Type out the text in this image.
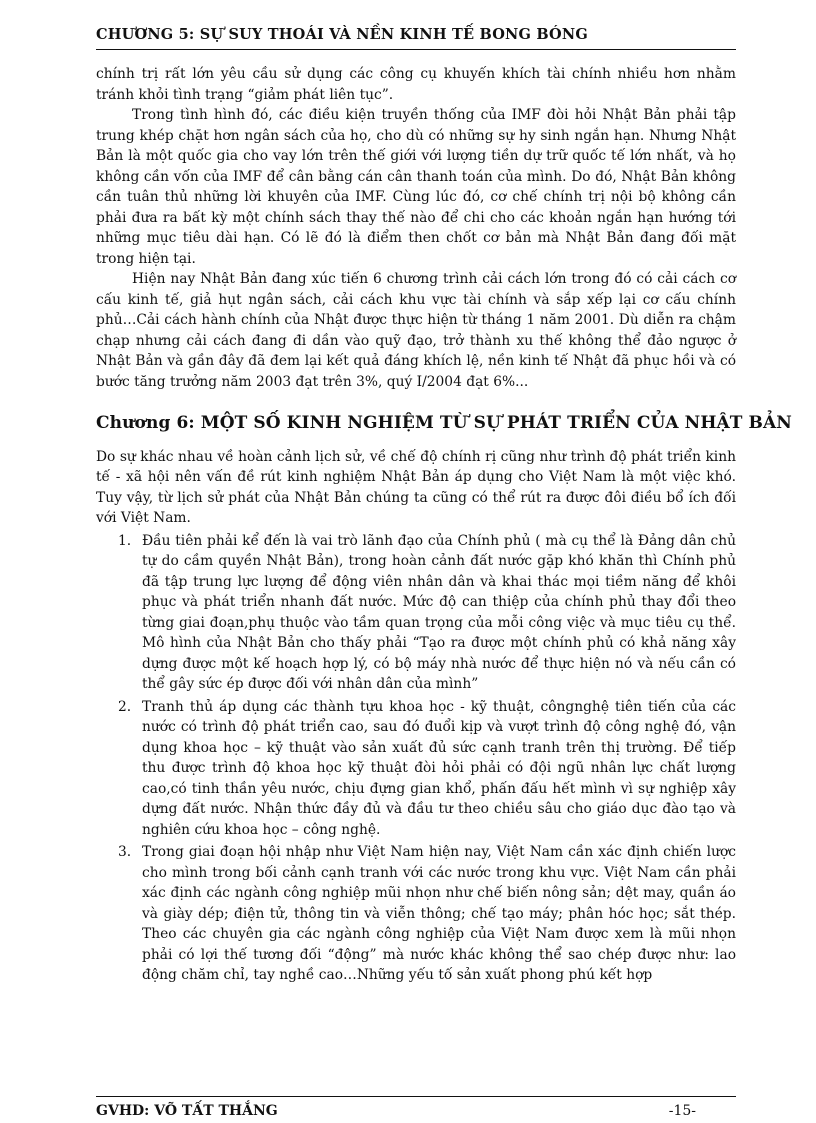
CHƯƠNG 5: SỰ SUY THOÁI VÀ NỀN KINH TẾ BONG BÓNG

chính trị rất lớn yêu cầu sử dụng các công cụ khuyến khích tài chính nhiều hơn nhằm tránh khỏi tình trạng “giảm phát liên tục”.

Trong tình hình đó, các điều kiện truyền thống của IMF đòi hỏi Nhật Bản phải tập trung khép chặt hơn ngân sách của họ, cho dù có những sự hy sinh ngắn hạn. Nhưng Nhật Bản là một quốc gia cho vay lớn trên thế giới với lượng tiền dự trữ quốc tế lớn nhất, và họ không cần vốn của IMF để cân bằng cán cân thanh toán của mình. Do đó, Nhật Bản không cần tuân thủ những lời khuyên của IMF. Cùng lúc đó, cơ chế chính trị nội bộ không cần phải đưa ra bất kỳ một chính sách thay thế nào để chi cho các khoản ngắn hạn hướng tới những mục tiêu dài hạn. Có lẽ đó là điểm then chốt cơ bản mà Nhật Bản đang đối mặt trong hiện tại.

Hiện nay Nhật Bản đang xúc tiến 6 chương trình cải cách lớn trong đó có cải cách cơ cấu kinh tế, giả hụt ngân sách, cải cách khu vực tài chính và sắp xếp lại cơ cấu chính phủ…Cải cách hành chính của Nhật được thực hiện từ tháng 1 năm 2001. Dù diễn ra chậm chạp nhưng cải cách đang đi dần vào quỹ đạo, trở thành xu thế không thể đảo ngược ở Nhật Bản và gần đây đã đem lại kết quả đáng khích lệ, nền kinh tế Nhật đã phục hồi và có bước tăng trưởng năm 2003 đạt trên 3%, quý I/2004 đạt 6%...

Chương 6: MỘT SỐ KINH NGHIỆM TỪ SỰ PHÁT TRIỂN CỦA NHẬT BẢN

Do sự khác nhau về hoàn cảnh lịch sử, về chế độ chính rị cũng như trình độ phát triển kinh tế - xã hội nên vấn đề rút kinh nghiệm Nhật Bản áp dụng cho Việt Nam là một việc khó. Tuy vậy, từ lịch sử phát của Nhật Bản chúng ta cũng có thể rút ra được đôi điều bổ ích đối với Việt Nam.

1. Đầu tiên phải kể đến là vai trò lãnh đạo của Chính phủ ( mà cụ thể là Đảng dân chủ tự do cầm quyền Nhật Bản), trong hoàn cảnh đất nước gặp khó khăn thì Chính phủ đã tập trung lực lượng để động viên nhân dân và khai thác mọi tiềm năng để khôi phục và phát triển nhanh đất nước. Mức độ can thiệp của chính phủ thay đổi theo từng giai đoạn,phụ thuộc vào tầm quan trọng của mỗi công việc và mục tiêu cụ thể. Mô hình của Nhật Bản cho thấy phải “Tạo ra được một chính phủ có khả năng xây dựng được một kế hoạch hợp lý, có bộ máy nhà nước để thực hiện nó và nếu cần có thể gây sức ép được đối với nhân dân của mình”
2. Tranh thủ áp dụng các thành tựu khoa học - kỹ thuật, côngnghệ tiên tiến của các nước có trình độ phát triển cao, sau đó đuổi kịp và vượt trình độ công nghệ đó, vận dụng khoa học – kỹ thuật vào sản xuất đủ sức cạnh tranh trên thị trường. Để tiếp thu được trình độ khoa học kỹ thuật đòi hỏi phải có đội ngũ nhân lực chất lượng cao,có tinh thần yêu nước, chịu đựng gian khổ, phấn đấu hết mình vì sự nghiệp xây dựng đất nước. Nhận thức đầy đủ và đầu tư theo chiều sâu cho giáo dục đào tạo và nghiên cứu khoa học – công nghệ.
3. Trong giai đoạn hội nhập như Việt Nam hiện nay, Việt Nam cần xác định chiến lược cho mình trong bối cảnh cạnh tranh với các nước trong khu vực. Việt Nam cần phải xác định các ngành công nghiệp mũi nhọn như chế biến nông sản; dệt may, quần áo và giày dép; điện tử, thông tin và viễn thông; chế tạo máy; phân hóc học; sắt thép. Theo các chuyên gia các ngành công nghiệp của Việt Nam được xem là mũi nhọn phải có lợi thế tương đối “động” mà nước khác không thể sao chép được như: lao động chăm chỉ, tay nghề cao…Những yếu tố sản xuất phong phú kết hợp
GVHD: VÕ TẤT THẮNG	-15-
